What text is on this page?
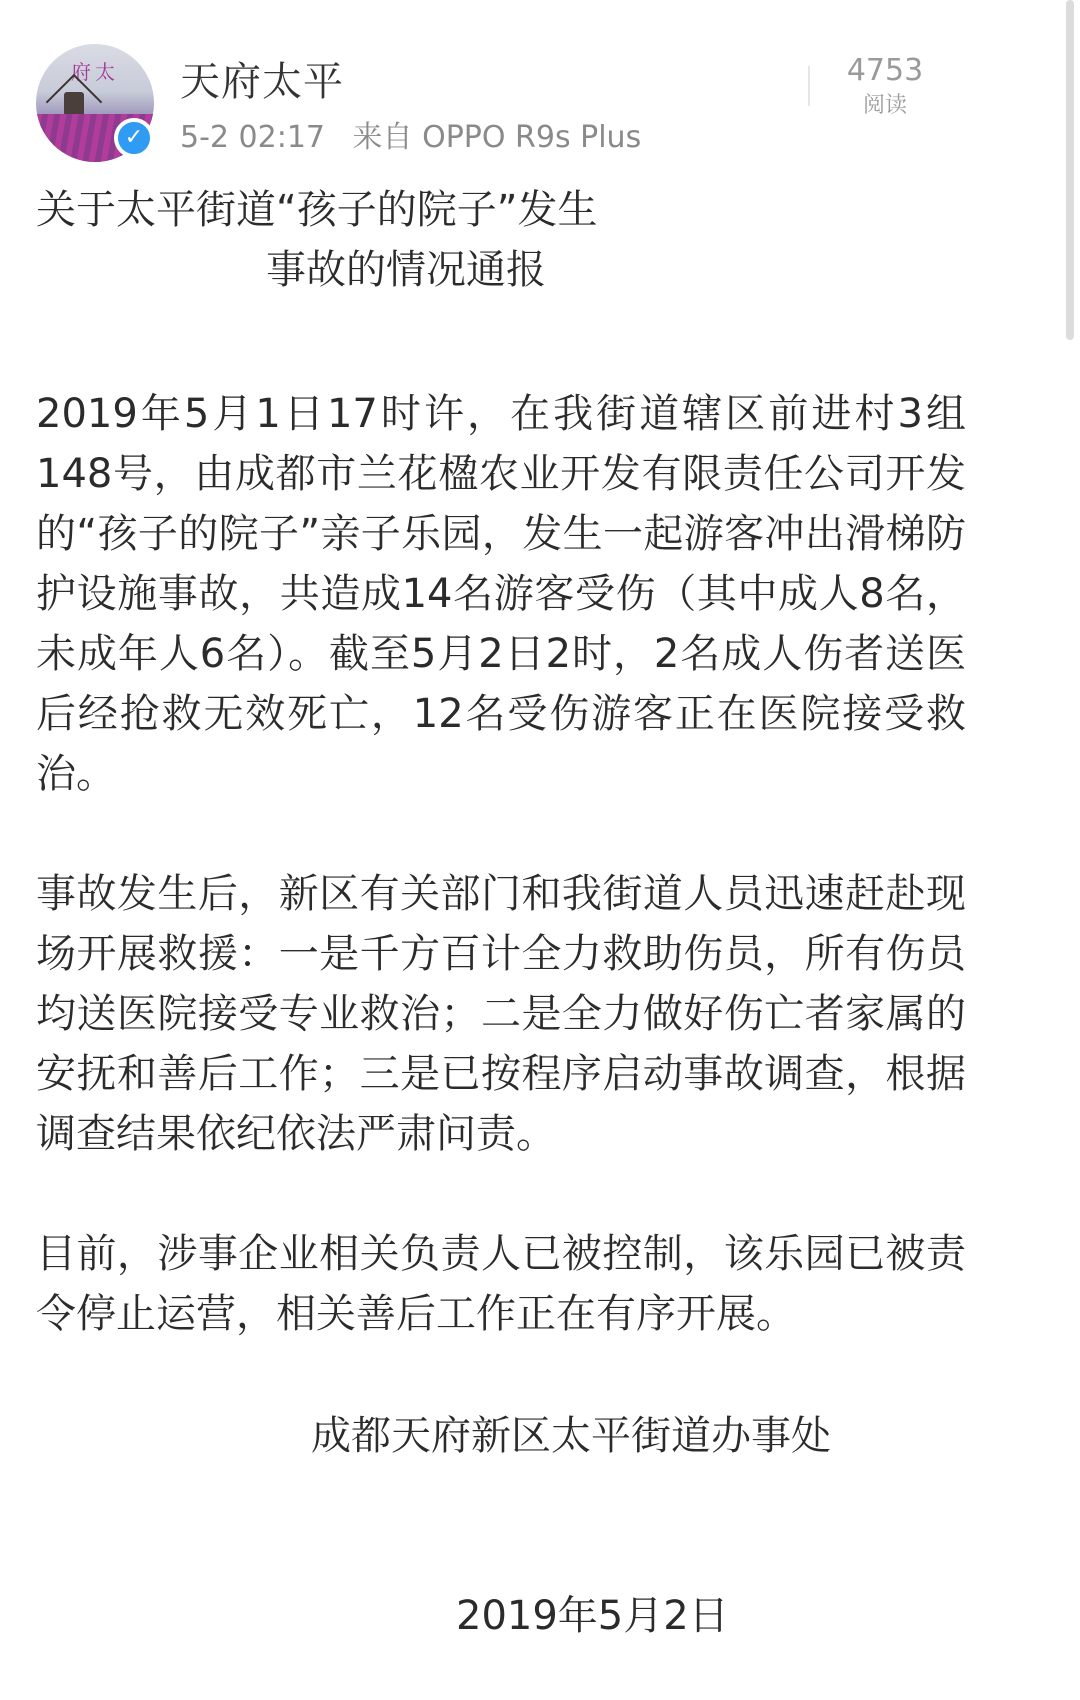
府太
✓
天府太平
5-2 02:17 来自 OPPO R9s Plus
4753
阅读
关于太平街道“孩子的院子”发生
事故的情况通报

2019年5月1日17时许，在我街道辖区前进村3组148号，由成都市兰花楹农业开发有限责任公司开发的“孩子的院子”亲子乐园，发生一起游客冲出滑梯防护设施事故，共造成14名游客受伤（其中成人8名，未成年人6名）。截至5月2日2时，2名成人伤者送医后经抢救无效死亡，12名受伤游客正在医院接受救治。

事故发生后，新区有关部门和我街道人员迅速赶赴现场开展救援：一是千方百计全力救助伤员，所有伤员均送医院接受专业救治；二是全力做好伤亡者家属的安抚和善后工作；三是已按程序启动事故调查，根据调查结果依纪依法严肃问责。

目前，涉事企业相关负责人已被控制，该乐园已被责令停止运营，相关善后工作正在有序开展。

成都天府新区太平街道办事处
2019年5月2日
